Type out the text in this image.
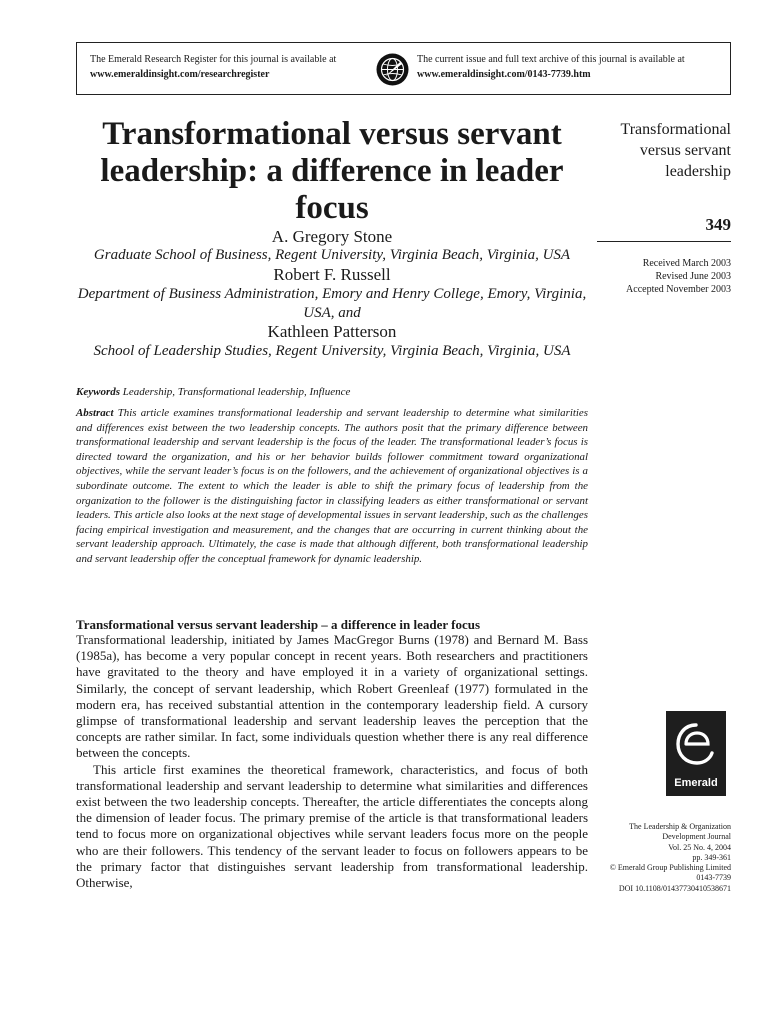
The Emerald Research Register for this journal is available at
www.emeraldinsight.com/researchregister
The current issue and full text archive of this journal is available at
www.emeraldinsight.com/0143-7739.htm
Transformational versus servant leadership: a difference in leader focus
A. Gregory Stone
Graduate School of Business, Regent University, Virginia Beach, Virginia, USA
Robert F. Russell
Department of Business Administration, Emory and Henry College, Emory, Virginia, USA, and
Kathleen Patterson
School of Leadership Studies, Regent University, Virginia Beach, Virginia, USA
Transformational versus servant leadership
349
Received March 2003
Revised June 2003
Accepted November 2003
Keywords Leadership, Transformational leadership, Influence
Abstract This article examines transformational leadership and servant leadership to determine what similarities and differences exist between the two leadership concepts. The authors posit that the primary difference between transformational leadership and servant leadership is the focus of the leader. The transformational leader’s focus is directed toward the organization, and his or her behavior builds follower commitment toward organizational objectives, while the servant leader’s focus is on the followers, and the achievement of organizational objectives is a subordinate outcome. The extent to which the leader is able to shift the primary focus of leadership from the organization to the follower is the distinguishing factor in classifying leaders as either transformational or servant leaders. This article also looks at the next stage of developmental issues in servant leadership, such as the challenges facing empirical investigation and measurement, and the changes that are occurring in current thinking about the servant leadership approach. Ultimately, the case is made that although different, both transformational leadership and servant leadership offer the conceptual framework for dynamic leadership.
Transformational versus servant leadership – a difference in leader focus

Transformational leadership, initiated by James MacGregor Burns (1978) and Bernard M. Bass (1985a), has become a very popular concept in recent years. Both researchers and practitioners have gravitated to the theory and have employed it in a variety of organizational settings. Similarly, the concept of servant leadership, which Robert Greenleaf (1977) formulated in the modern era, has received substantial attention in the contemporary leadership field. A cursory glimpse of transformational leadership and servant leadership leaves the perception that the concepts are rather similar. In fact, some individuals question whether there is any real difference between the concepts.

This article first examines the theoretical framework, characteristics, and focus of both transformational leadership and servant leadership to determine what similarities and differences exist between the two leadership concepts. Thereafter, the article differentiates the concepts along the dimension of leader focus. The primary premise of the article is that transformational leaders tend to focus more on organizational objectives while servant leaders focus more on the people who are their followers. This tendency of the servant leader to focus on followers appears to be the primary factor that distinguishes servant leadership from transformational leadership. Otherwise,

Emerald
The Leadership & Organization
Development Journal
Vol. 25 No. 4, 2004
pp. 349-361
© Emerald Group Publishing Limited
0143-7739
DOI 10.1108/01437730410538671
